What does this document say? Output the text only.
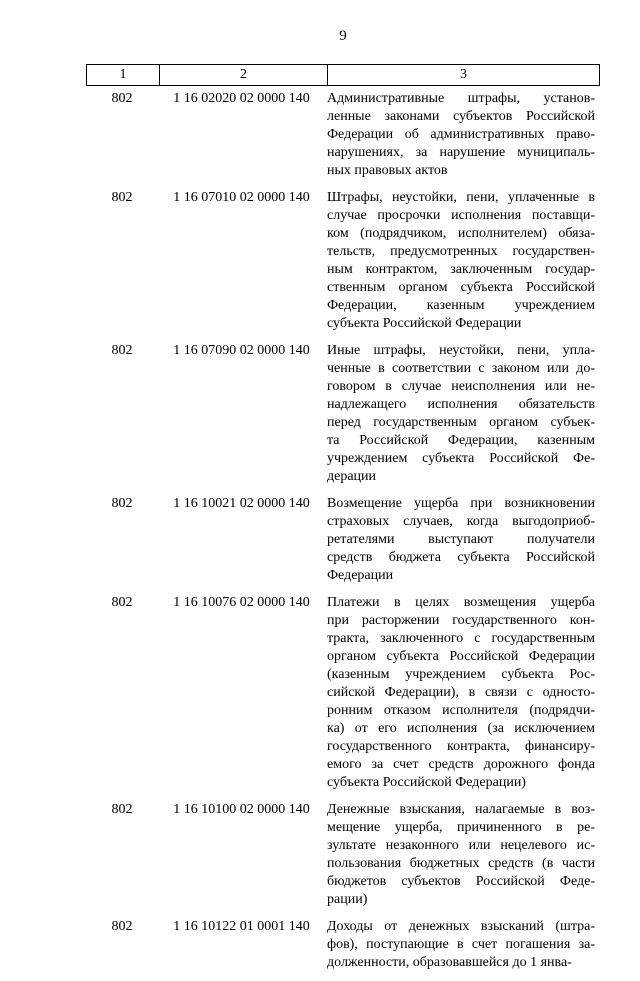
9
1	2	3
802	1 16 02020 02 0000 140	Административные штрафы, установ-
ленные законами субъектов Российской
Федерации об административных право-
нарушениях, за нарушение муниципаль-
ных правовых актов
802	1 16 07010 02 0000 140	Штрафы, неустойки, пени, уплаченные в
случае просрочки исполнения поставщи-
ком (подрядчиком, исполнителем) обяза-
тельств, предусмотренных государствен-
ным контрактом, заключенным государ-
ственным органом субъекта Российской
Федерации, казенным учреждением
субъекта Российской Федерации
802	1 16 07090 02 0000 140	Иные штрафы, неустойки, пени, упла-
ченные в соответствии с законом или до-
говором в случае неисполнения или не-
надлежащего исполнения обязательств
перед государственным органом субъек-
та Российской Федерации, казенным
учреждением субъекта Российской Фе-
дерации
802	1 16 10021 02 0000 140	Возмещение ущерба при возникновении
страховых случаев, когда выгодоприоб-
ретателями выступают получатели
средств бюджета субъекта Российской
Федерации
802	1 16 10076 02 0000 140	Платежи в целях возмещения ущерба
при расторжении государственного кон-
тракта, заключенного с государственным
органом субъекта Российской Федерации
(казенным учреждением субъекта Рос-
сийской Федерации), в связи с односто-
ронним отказом исполнителя (подрядчи-
ка) от его исполнения (за исключением
государственного контракта, финансиру-
емого за счет средств дорожного фонда
субъекта Российской Федерации)
802	1 16 10100 02 0000 140	Денежные взыскания, налагаемые в воз-
мещение ущерба, причиненного в ре-
зультате незаконного или нецелевого ис-
пользования бюджетных средств (в части
бюджетов субъектов Российской Феде-
рации)
802	1 16 10122 01 0001 140	Доходы от денежных взысканий (штра-
фов), поступающие в счет погашения за-
долженности, образовавшейся до 1 янва-
